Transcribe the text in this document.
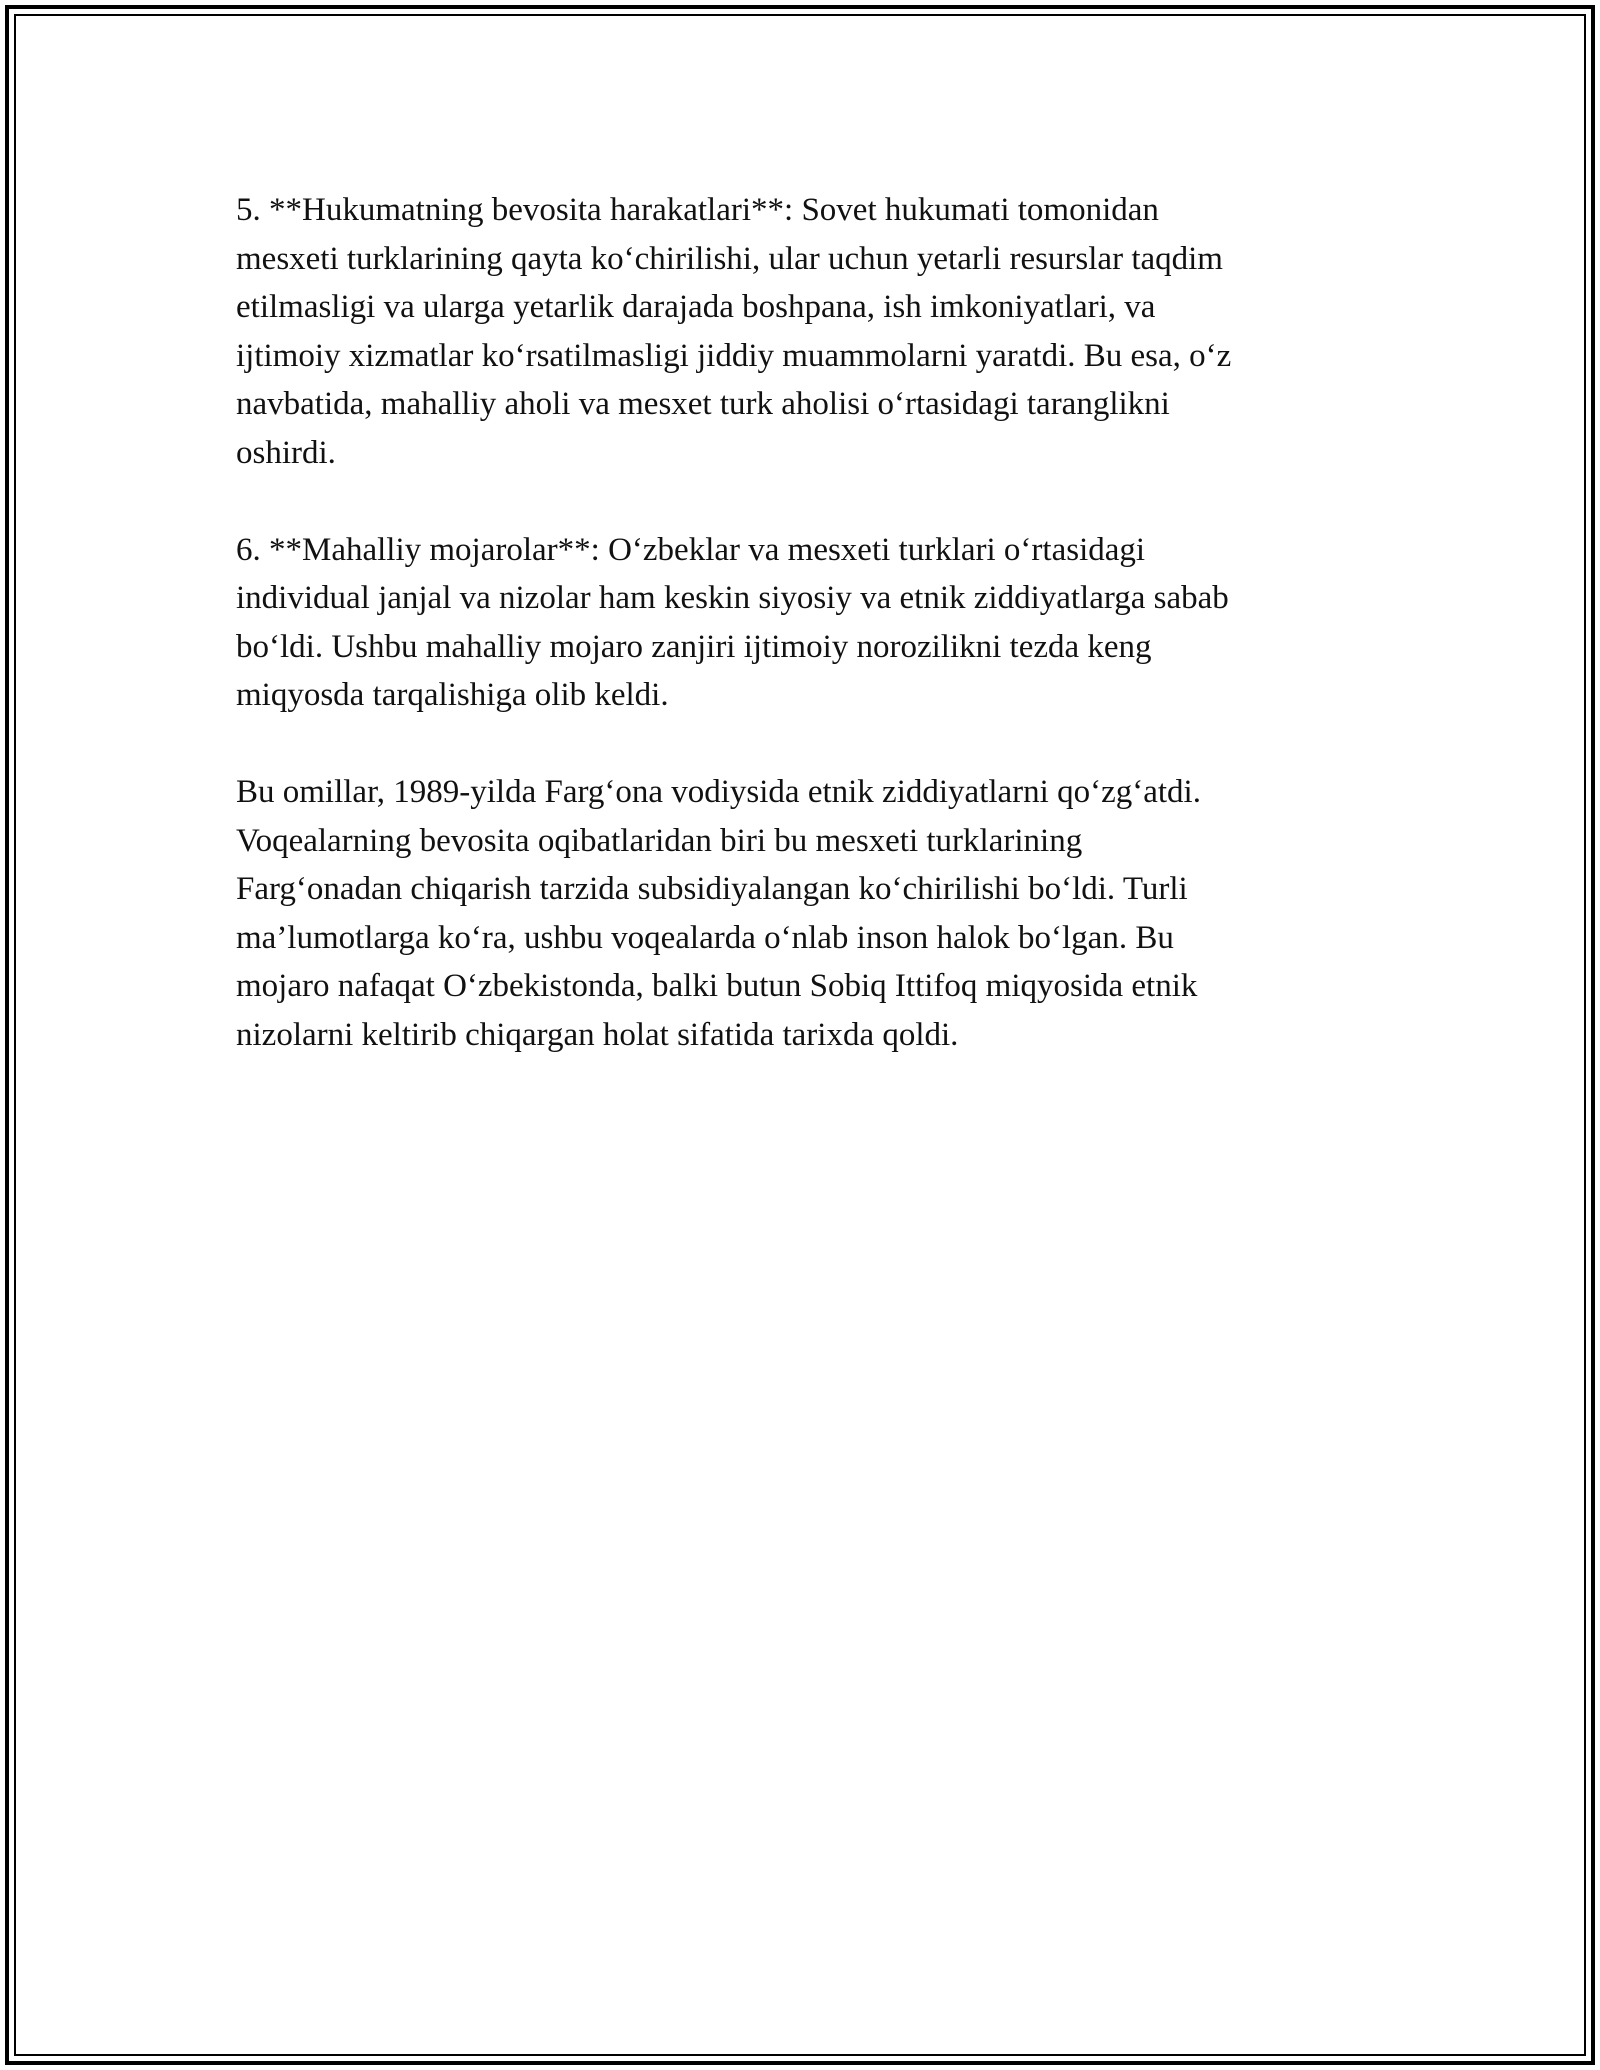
5. **Hukumatning bevosita harakatlari**: Sovet hukumati tomonidan
mesxeti turklarining qayta ko‘chirilishi, ular uchun yetarli resurslar taqdim
etilmasligi va ularga yetarlik darajada boshpana, ish imkoniyatlari, va
ijtimoiy xizmatlar ko‘rsatilmasligi jiddiy muammolarni yaratdi. Bu esa, o‘z
navbatida, mahalliy aholi va mesxet turk aholisi o‘rtasidagi taranglikni
oshirdi.

6. **Mahalliy mojarolar**: O‘zbeklar va mesxeti turklari o‘rtasidagi
individual janjal va nizolar ham keskin siyosiy va etnik ziddiyatlarga sabab
bo‘ldi. Ushbu mahalliy mojaro zanjiri ijtimoiy norozilikni tezda keng
miqyosda tarqalishiga olib keldi.

Bu omillar, 1989-yilda Farg‘ona vodiysida etnik ziddiyatlarni qo‘zg‘atdi.
Voqealarning bevosita oqibatlaridan biri bu mesxeti turklarining
Farg‘onadan chiqarish tarzida subsidiyalangan ko‘chirilishi bo‘ldi. Turli
ma’lumotlarga ko‘ra, ushbu voqealarda o‘nlab inson halok bo‘lgan. Bu
mojaro nafaqat O‘zbekistonda, balki butun Sobiq Ittifoq miqyosida etnik
nizolarni keltirib chiqargan holat sifatida tarixda qoldi.
